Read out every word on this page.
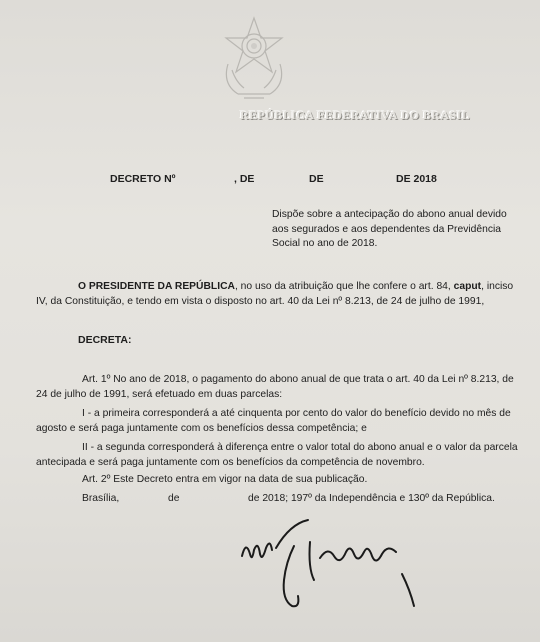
REPÚBLICA FEDERATIVA DO BRASIL
DECRETO Nº	, DE	DE	DE 2018
Dispõe sobre a antecipação do abono anual devido aos segurados e aos dependentes da Previdência Social no ano de 2018.
O PRESIDENTE DA REPÚBLICA, no uso da atribuição que lhe confere o art. 84, caput, inciso IV, da Constituição, e tendo em vista o disposto no art. 40 da Lei nº 8.213, de 24 de julho de 1991,
DECRETA:
Art. 1º No ano de 2018, o pagamento do abono anual de que trata o art. 40 da Lei nº 8.213, de 24 de julho de 1991, será efetuado em duas parcelas:
I - a primeira corresponderá a até cinquenta por cento do valor do benefício devido no mês de agosto e será paga juntamente com os benefícios dessa competência; e
II - a segunda corresponderá à diferença entre o valor total do abono anual e o valor da parcela antecipada e será paga juntamente com os benefícios da competência de novembro.
Art. 2º Este Decreto entra em vigor na data de sua publicação.
Brasília,	de	de 2018; 197º da Independência e 130º da República.
